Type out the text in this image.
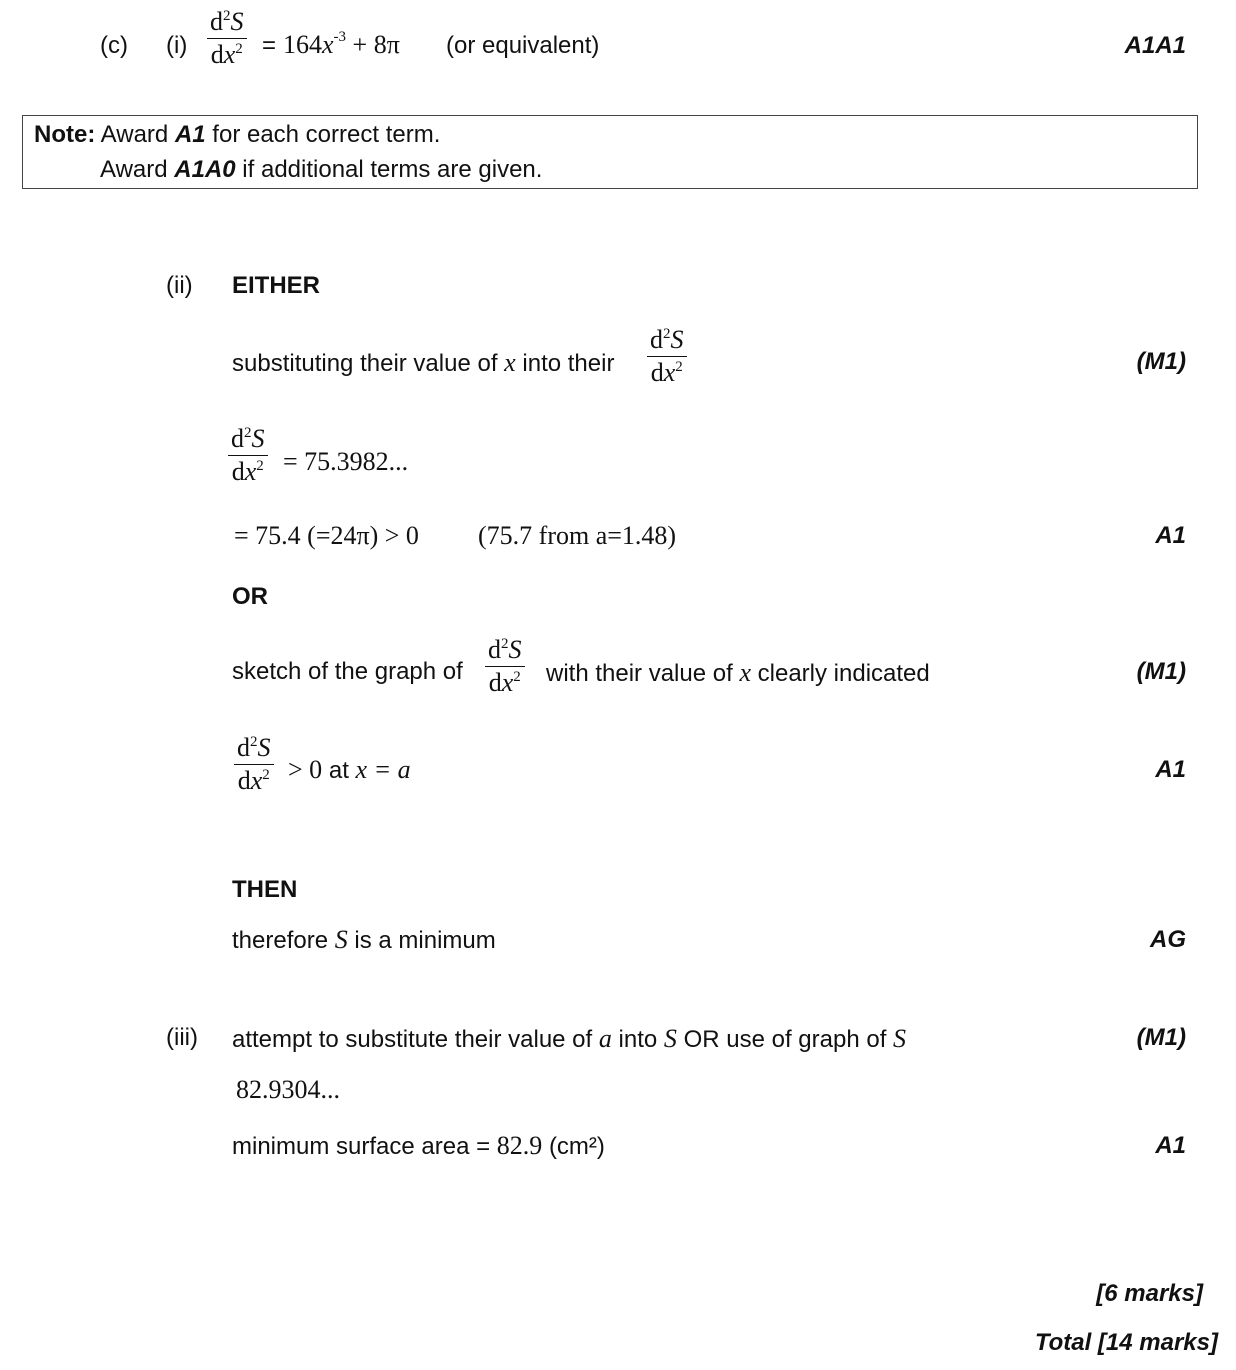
(c) $(i) \frac{d^2S}{dx^2} = 164x^{-3} + 8\pi$ (or equivalent)	A1A1
Note: Award A1 for each correct term.
Award A1A0 if additional terms are given.
(ii) EITHER
substituting their value of x into their $\frac{d^2S}{dx^2}$	(M1)
$\frac{d^2S}{dx^2} = 75.3982$...
= 75.4 (=24π) > 0 (75.7 from a=1.48)	A1
OR
sketch of the graph of $\frac{d^2S}{dx^2}$ with their value of x clearly indicated	(M1)
$\frac{d^2S}{dx^2} > 0$ at x = a	A1
THEN
therefore S is a minimum	AG
(iii) attempt to substitute their value of a into S OR use of graph of S	(M1)
82.9304...
minimum surface area = 82.9 (cm²)	A1
[6 marks]
Total [14 marks]
